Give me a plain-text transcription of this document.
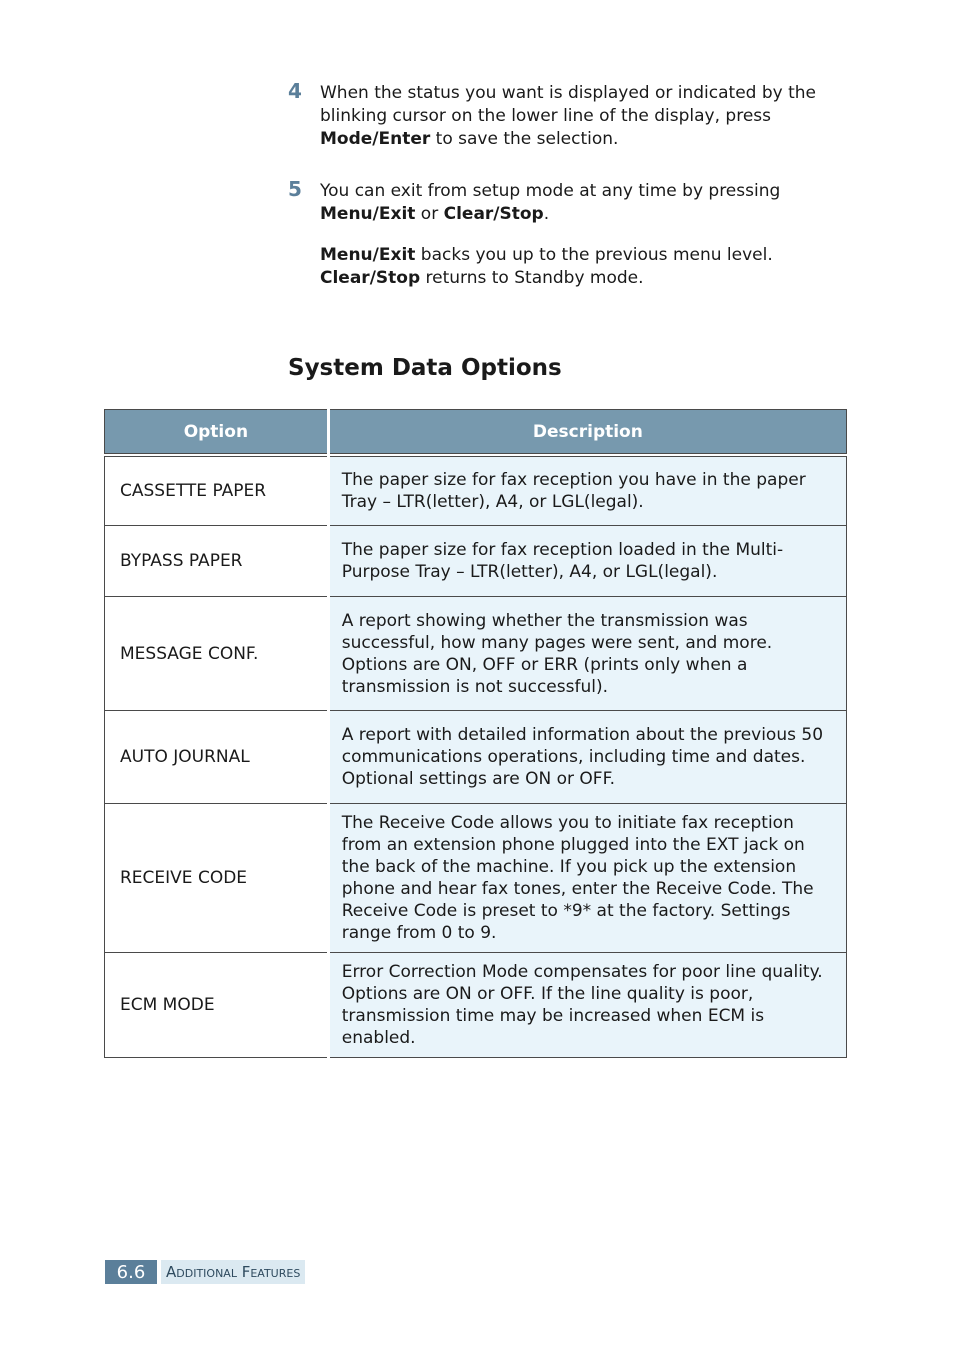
4 When the status you want is displayed or indicated by the blinking cursor on the lower line of the display, press Mode/Enter to save the selection.

5 You can exit from setup mode at any time by pressing Menu/Exit or Clear/Stop.

Menu/Exit backs you up to the previous menu level.
Clear/Stop returns to Standby mode.

System Data Options
Option	Description

CASSETTE PAPER	The paper size for fax reception you have in the paper Tray – LTR(letter), A4, or LGL(legal).
BYPASS PAPER	The paper size for fax reception loaded in the Multi-Purpose Tray – LTR(letter), A4, or LGL(legal).
MESSAGE CONF.	A report showing whether the transmission was successful, how many pages were sent, and more. Options are ON, OFF or ERR (prints only when a transmission is not successful).
AUTO JOURNAL	A report with detailed information about the previous 50 communications operations, including time and dates. Optional settings are ON or OFF.
RECEIVE CODE	The Receive Code allows you to initiate fax reception from an extension phone plugged into the EXT jack on the back of the machine. If you pick up the extension phone and hear fax tones, enter the Receive Code. The Receive Code is preset to *9* at the factory. Settings range from 0 to 9.
ECM MODE	Error Correction Mode compensates for poor line quality. Options are ON or OFF. If the line quality is poor, transmission time may be increased when ECM is enabled.
6.6	Additional Features
